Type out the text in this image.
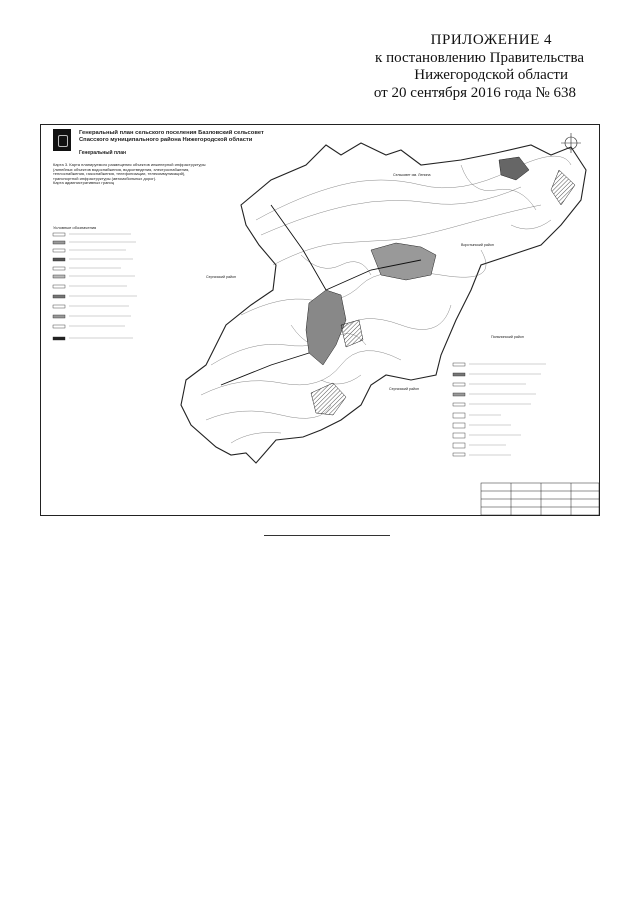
ПРИЛОЖЕНИЕ 4
к постановлению Правительства
Нижегородской области
от 20 сентября 2016 года № 638
Генеральный план сельского поселения Базловский сельсовет
Спасского муниципального района Нижегородской области
Генеральный план
Карта 3. Карта планируемого размещения объектов инженерной инфраструктуры
(линейных объектов водоснабжения, водоотведения, электроснабжения,
теплоснабжения, газоснабжения, телефонизации, телекоммуникаций),
транспортной инфраструктуры (автомобильных дорог).
Карта административных границ
Условные обозначения
Сергачский район
Сергачский район
Сельсовет им. Ленина
Пильнинский район
Воротынский район
